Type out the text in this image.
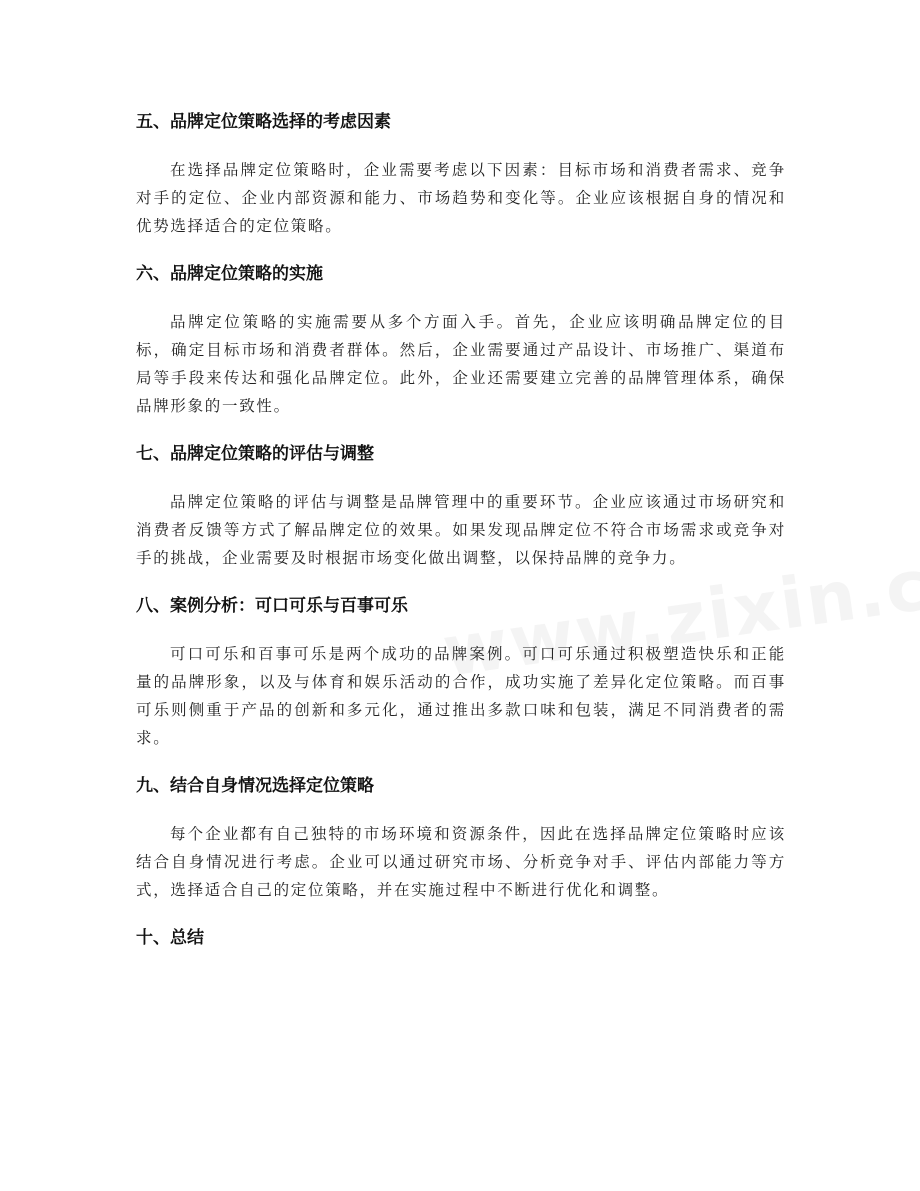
五、品牌定位策略选择的考虑因素

在选择品牌定位策略时，企业需要考虑以下因素：目标市场和消费者需求、竞争对手的定位、企业内部资源和能力、市场趋势和变化等。企业应该根据自身的情况和优势选择适合的定位策略。

六、品牌定位策略的实施

品牌定位策略的实施需要从多个方面入手。首先，企业应该明确品牌定位的目标，确定目标市场和消费者群体。然后，企业需要通过产品设计、市场推广、渠道布局等手段来传达和强化品牌定位。此外，企业还需要建立完善的品牌管理体系，确保品牌形象的一致性。

七、品牌定位策略的评估与调整

品牌定位策略的评估与调整是品牌管理中的重要环节。企业应该通过市场研究和消费者反馈等方式了解品牌定位的效果。如果发现品牌定位不符合市场需求或竞争对手的挑战，企业需要及时根据市场变化做出调整，以保持品牌的竞争力。

八、案例分析：可口可乐与百事可乐

可口可乐和百事可乐是两个成功的品牌案例。可口可乐通过积极塑造快乐和正能量的品牌形象，以及与体育和娱乐活动的合作，成功实施了差异化定位策略。而百事可乐则侧重于产品的创新和多元化，通过推出多款口味和包装，满足不同消费者的需求。

九、结合自身情况选择定位策略

每个企业都有自己独特的市场环境和资源条件，因此在选择品牌定位策略时应该结合自身情况进行考虑。企业可以通过研究市场、分析竞争对手、评估内部能力等方式，选择适合自己的定位策略，并在实施过程中不断进行优化和调整。

十、总结
